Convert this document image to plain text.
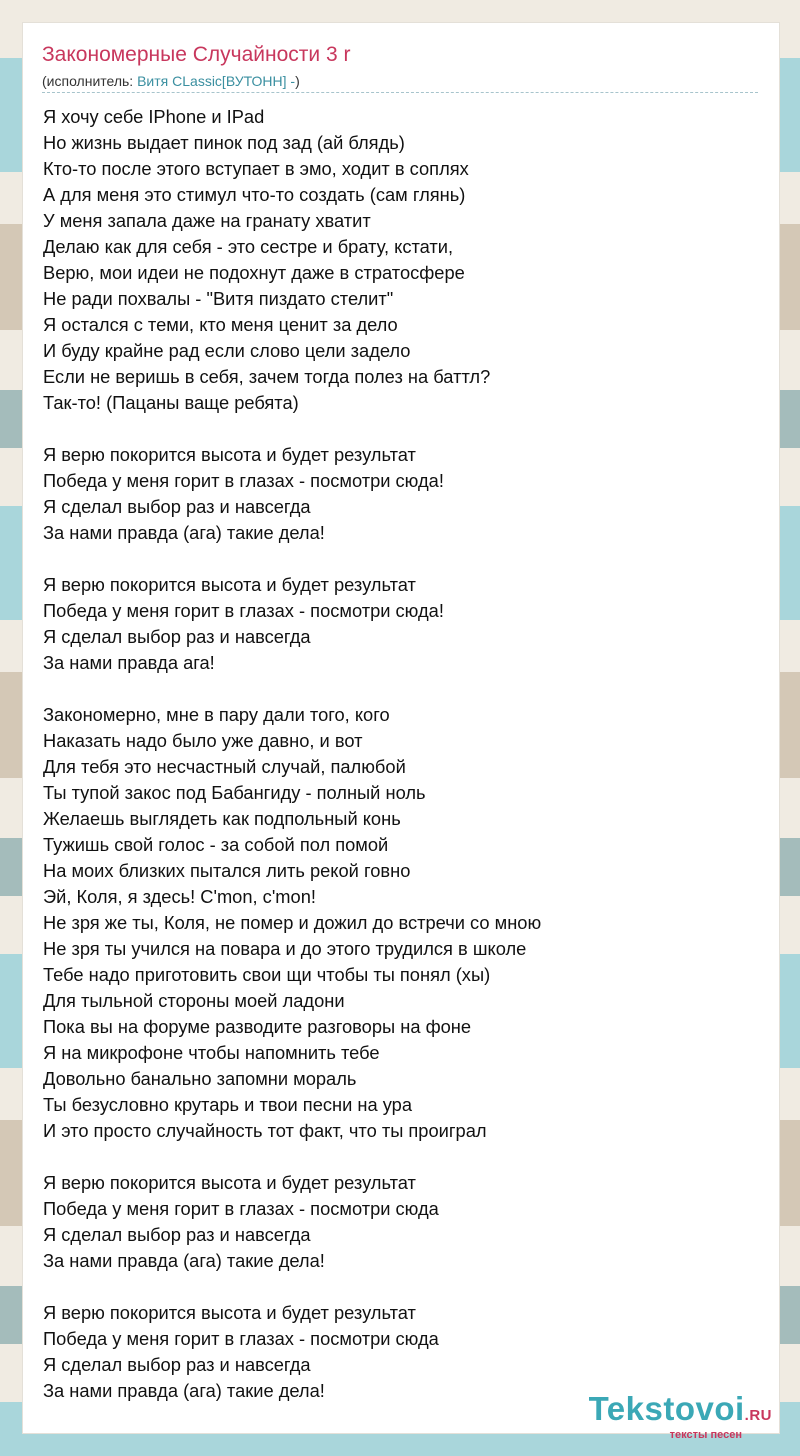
Закономерные Случайности 3 r
(исполнитель: Витя CLassic[ВУТОНН] -)
Я хочу себе IPhone и IPad
Но жизнь выдает пинок под зад (ай блядь)
Кто-то после этого вступает в эмо, ходит в соплях
А для меня это стимул что-то создать (сам глянь)
У меня запала даже на гранату хватит
Делаю как для себя - это сестре и брату, кстати,
Верю, мои идеи не подохнут даже в стратосфере
Не ради похвалы - "Витя пиздато стелит"
Я остался с теми, кто меня ценит за дело
И буду крайне рад если слово цели задело
Если не веришь в себя, зачем тогда полез на баттл?
Так-то! (Пацаны ваще ребята)
Я верю покорится высота и будет результат
Победа у меня горит в глазах - посмотри сюда!
Я сделал выбор раз и навсегда
За нами правда (ага) такие дела!
Я верю покорится высота и будет результат
Победа у меня горит в глазах - посмотри сюда!
Я сделал выбор раз и навсегда
За нами правда ага!
Закономерно, мне в пару дали того, кого
Наказать надо было уже давно, и вот
Для тебя это несчастный случай, палюбой
Ты тупой закос под Бабангиду - полный ноль
Желаешь выглядеть как подпольный конь
Тужишь свой голос - за собой пол помой
На моих близких пытался лить рекой говно
Эй, Коля, я здесь! C'mon, c'mon!
Не зря же ты, Коля, не помер и дожил до встречи со мною
Не зря ты учился на повара и до этого трудился в школе
Тебе надо приготовить свои щи чтобы ты понял (хы)
Для тыльной стороны моей ладони
Пока вы на форуме разводите разговоры на фоне
Я на микрофоне чтобы напомнить тебе
Довольно банально запомни мораль
Ты безусловно крутарь и твои песни на ура
И это просто случайность тот факт, что ты проиграл
Я верю покорится высота и будет результат
Победа у меня горит в глазах - посмотри сюда
Я сделал выбор раз и навсегда
За нами правда (ага) такие дела!
Я верю покорится высота и будет результат
Победа у меня горит в глазах - посмотри сюда
Я сделал выбор раз и навсегда
За нами правда (ага) такие дела!	Tekstovoi.RU
тексты песен
